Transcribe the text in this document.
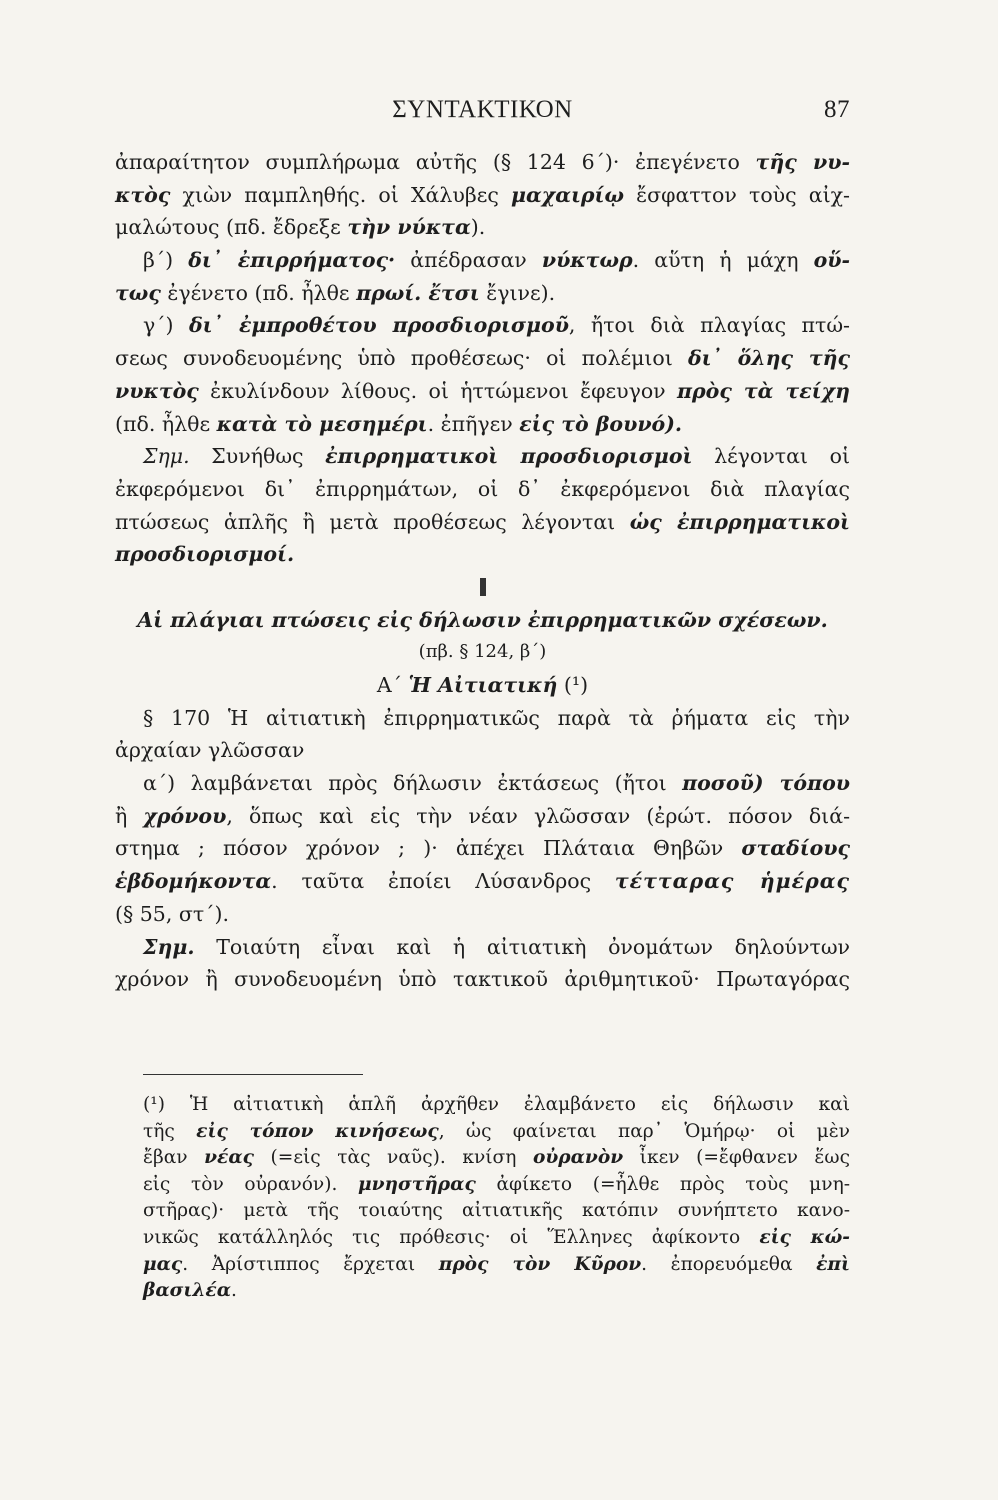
ΣΥΝΤΑΚΤΙΚΟΝ	87
ἀπαραίτητον συμπλήρωμα αὐτῆς (§ 124 6΄)· ἐπεγένετο τῆς νυ-
κτὸς χιὼν παμπληθής. οἱ Χάλυβες μαχαιρίῳ ἔσφαττον τοὺς αἰχ-
μαλώτους (πδ. ἔδρεξε τὴν νύκτα).
β΄) δι᾿ ἐπιρρήματος· ἀπέδρασαν νύκτωρ. αὕτη ἡ μάχη οὕ-
τως ἐγένετο (πδ. ἦλθε πρωί. ἔτσι ἔγινε).
γ΄) δι᾿ ἐμπροθέτου προσδιορισμοῦ, ἤτοι διὰ πλαγίας πτώ-
σεως συνοδευομένης ὑπὸ προθέσεως· οἱ πολέμιοι δι᾿ ὅλης τῆς
νυκτὸς ἐκυλίνδουν λίθους. οἱ ἡττώμενοι ἔφευγον πρὸς τὰ τείχη
(πδ. ἦλθε κατὰ τὸ μεσημέρι. ἐπῆγεν εἰς τὸ βουνό).
Σημ. Συνήθως ἐπιρρηματικοὶ προσδιορισμοὶ λέγονται οἱ
ἐκφερόμενοι δι᾿ ἐπιρρημάτων, οἱ δ᾿ ἐκφερόμενοι διὰ πλαγίας
πτώσεως ἁπλῆς ἢ μετὰ προθέσεως λέγονται ὡς ἐπιρρηματικοὶ
προσδιορισμοί.
Αἱ πλάγιαι πτώσεις εἰς δήλωσιν ἐπιρρηματικῶν σχέσεων.
(πβ. § 124, β΄)
Α΄ Ἡ Αἰτιατική (¹)
§ 170 Ἡ αἰτιατικὴ ἐπιρρηματικῶς παρὰ τὰ ῥήματα εἰς τὴν
ἀρχαίαν γλῶσσαν
α΄) λαμβάνεται πρὸς δήλωσιν ἐκτάσεως (ἤτοι ποσοῦ) τόπου
ἢ χρόνου, ὅπως καὶ εἰς τὴν νέαν γλῶσσαν (ἐρώτ. πόσον διά-
στημα ; πόσον χρόνον ; )· ἀπέχει Πλάταια Θηβῶν σταδίους
ἑβδομήκοντα. ταῦτα ἐποίει Λύσανδρος τέτταρας ἡμέρας
(§ 55, στ΄).
Σημ. Τοιαύτη εἶναι καὶ ἡ αἰτιατικὴ ὀνομάτων δηλούντων
χρόνον ἢ συνοδευομένη ὑπὸ τακτικοῦ ἀριθμητικοῦ· Πρωταγόρας
(¹) Ἡ αἰτιατικὴ ἁπλῆ ἀρχῆθεν ἐλαμβάνετο εἰς δήλωσιν καὶ
τῆς εἰς τόπον κινήσεως, ὡς φαίνεται παρ᾿ Ὁμήρῳ· οἱ μὲν
ἔβαν νέας (=εἰς τὰς ναῦς). κνίση οὐρανὸν ἶκεν (=ἔφθανεν ἕως
εἰς τὸν οὐρανόν). μνηστῆρας ἀφίκετο (=ἦλθε πρὸς τοὺς μνη-
στῆρας)· μετὰ τῆς τοιαύτης αἰτιατικῆς κατόπιν συνήπτετο κανο-
νικῶς κατάλληλός τις πρόθεσις· οἱ Ἕλληνες ἀφίκοντο εἰς κώ-
μας. Ἀρίστιππος ἔρχεται πρὸς τὸν Κῦρον. ἐπορευόμεθα ἐπὶ
βασιλέα.
